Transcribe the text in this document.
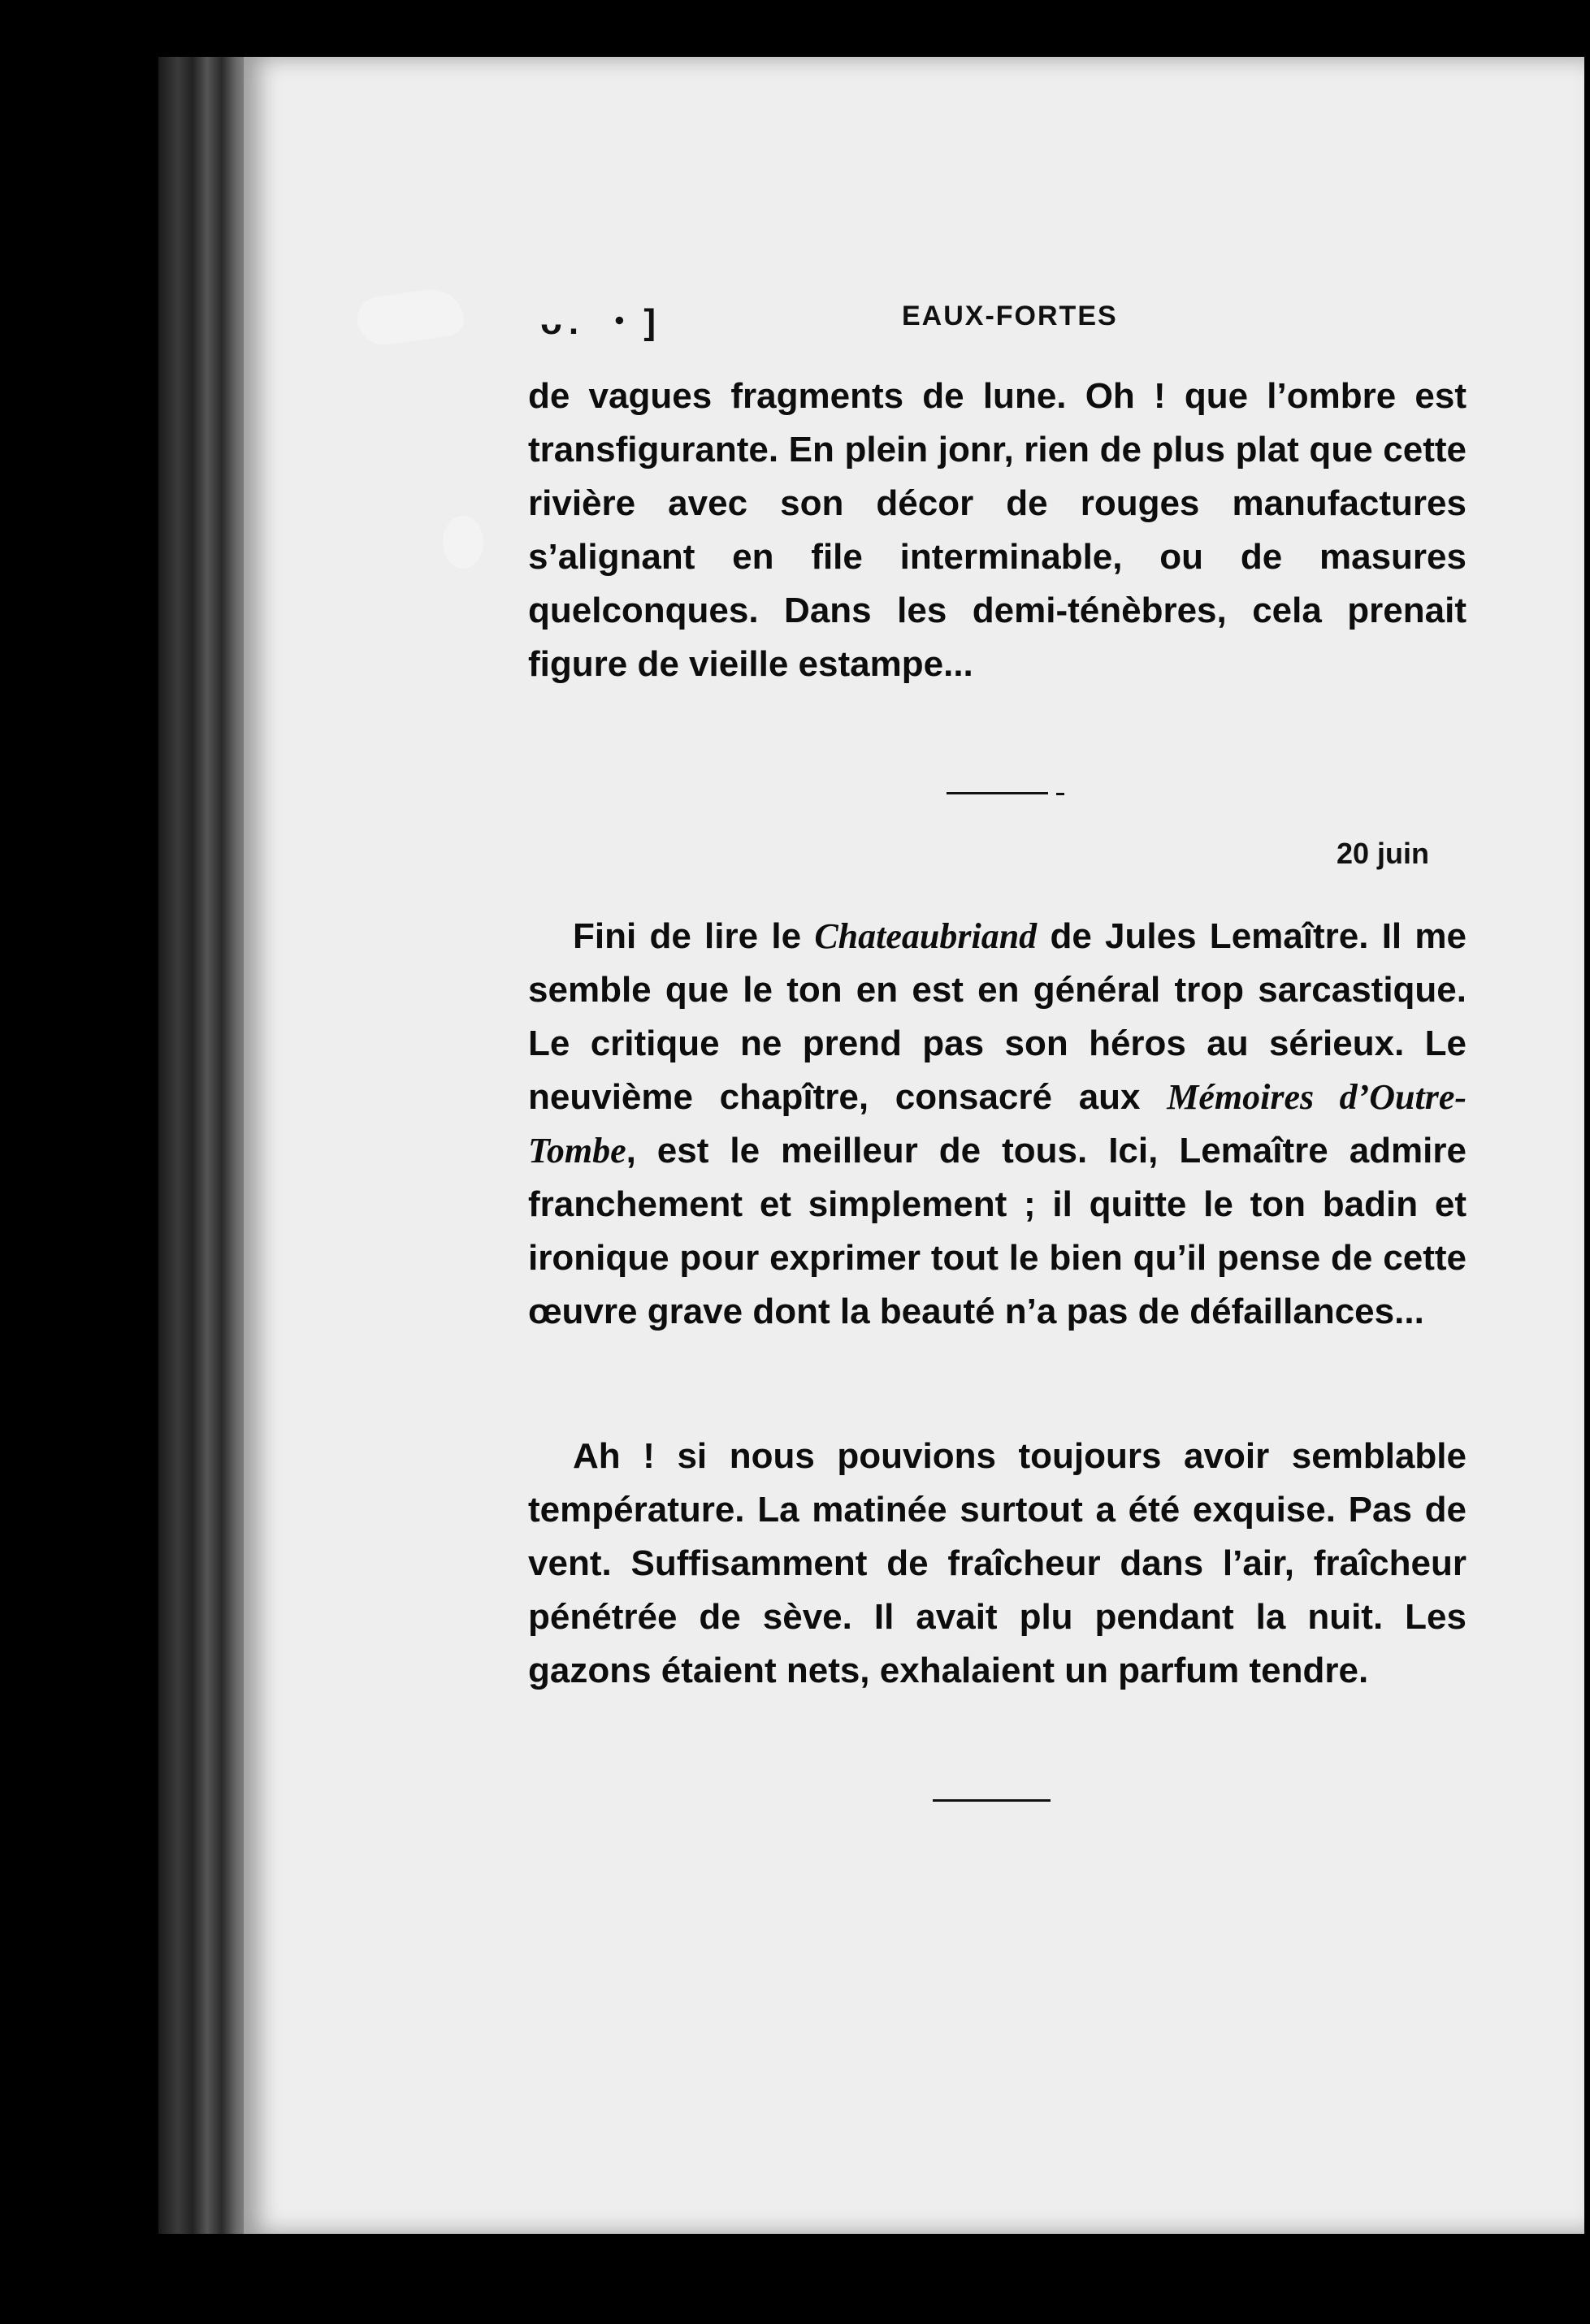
ᴗ. ・]	EAUX-FORTES

de vagues fragments de lune. Oh ! que l’ombre est transfigurante. En plein jonr, rien de plus plat que cette rivière avec son décor de rouges manufactures s’alignant en file interminable, ou de masures quelconques. Dans les demi-ténèbres, cela prenait figure de vieille estampe...

20 juin

Fini de lire le Chateaubriand de Jules Lemaître. Il me semble que le ton en est en général trop sarcastique. Le critique ne prend pas son héros au sérieux. Le neuvième chapître, consacré aux Mémoires d’Outre-Tombe, est le meilleur de tous. Ici, Lemaître admire franchement et simplement ; il quitte le ton badin et ironique pour exprimer tout le bien qu’il pense de cette œuvre grave dont la beauté n’a pas de défaillances...

Ah ! si nous pouvions toujours avoir semblable température. La matinée surtout a été exquise. Pas de vent. Suffisamment de fraîcheur dans l’air, fraîcheur pénétrée de sève. Il avait plu pendant la nuit. Les gazons étaient nets, exhalaient un parfum tendre.
